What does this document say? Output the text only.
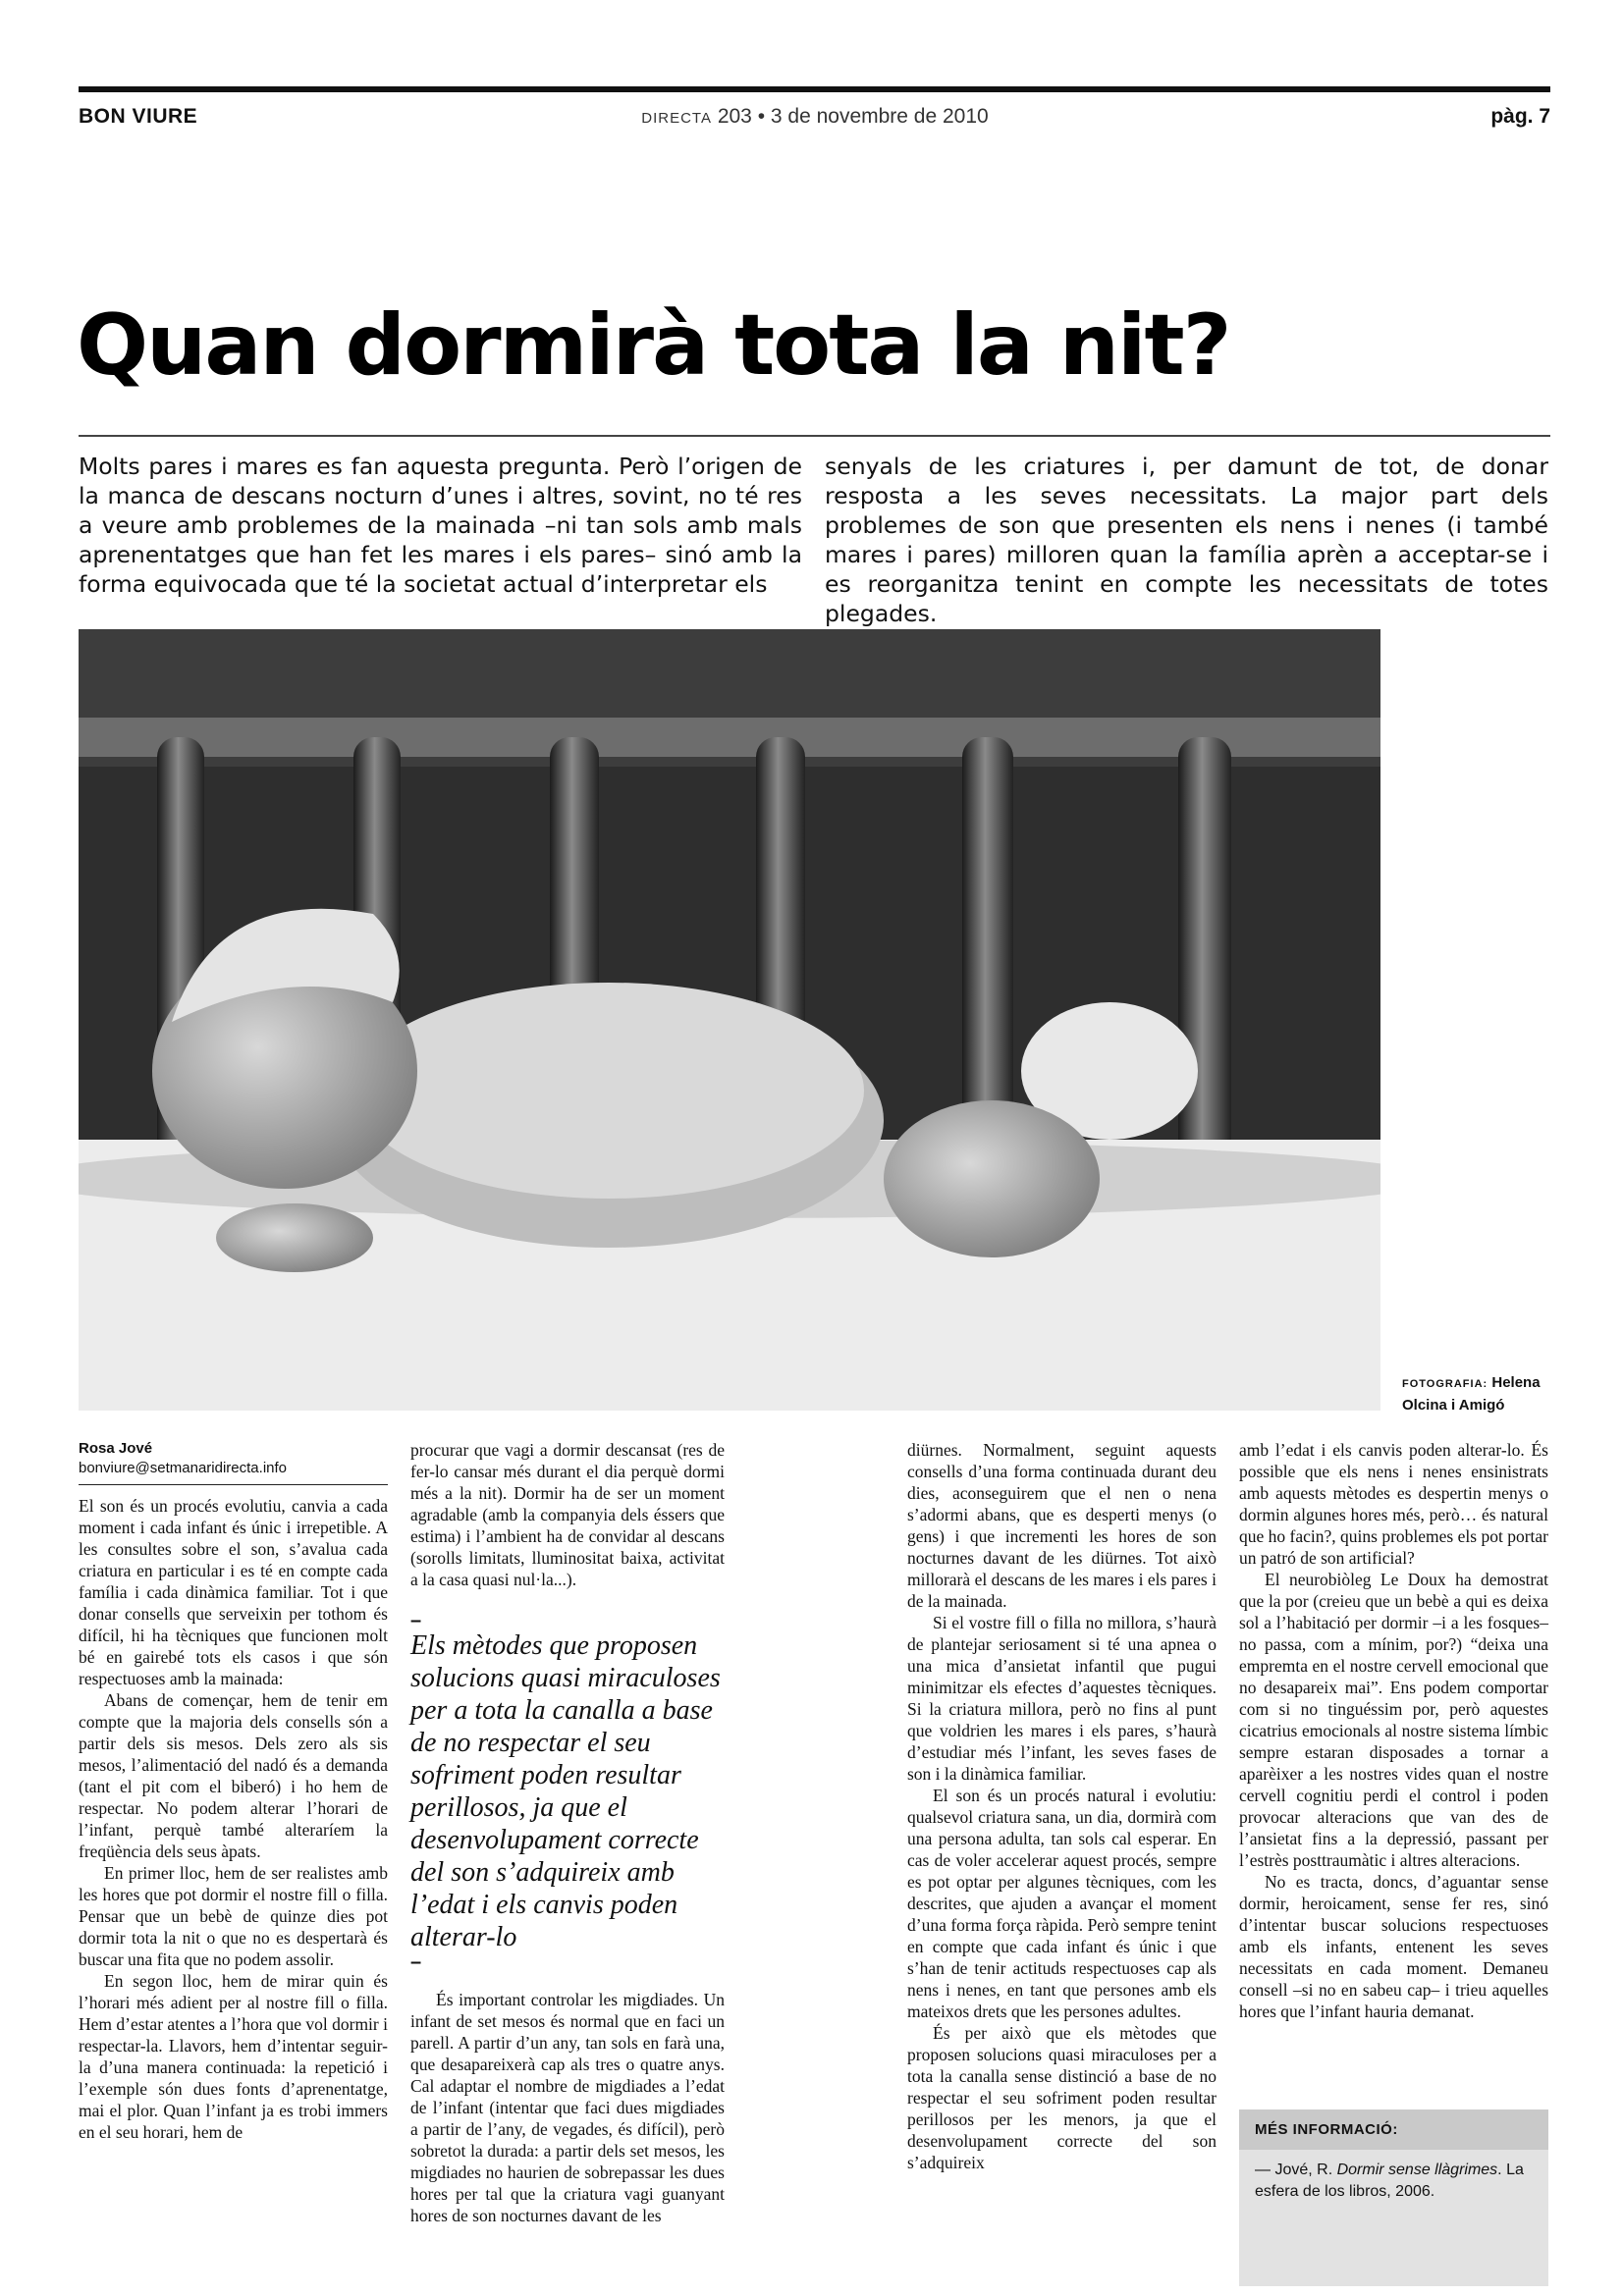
BON VIURE	DIRECTA 203 • 3 de novembre de 2010	pàg. 7
Quan dormirà tota la nit?
Molts pares i mares es fan aquesta pregunta. Però l’origen de la manca de descans nocturn d’unes i altres, sovint, no té res a veure amb problemes de la mainada –ni tan sols amb mals aprenentatges que han fet les mares i els pares– sinó amb la forma equivocada que té la societat actual d’interpretar els
senyals de les criatures i, per damunt de tot, de donar resposta a les seves necessitats. La major part dels problemes de son que presenten els nens i nenes (i també mares i pares) milloren quan la família aprèn a acceptar-se i es reorganitza tenint en compte les necessitats de totes plegades.
FOTOGRAFIA: Helena Olcina i Amigó
Rosa Jové
bonviure@setmanaridirecta.info

El son és un procés evolutiu, canvia a cada moment i cada infant és únic i irrepetible. A les consultes sobre el son, s’avalua cada criatura en particular i es té en compte cada família i cada dinàmica familiar. Tot i que donar consells que serveixin per tothom és difícil, hi ha tècniques que funcionen molt bé en gairebé tots els casos i que són respectuoses amb la mainada:

Abans de començar, hem de tenir em compte que la majoria dels consells són a partir dels sis mesos. Dels zero als sis mesos, l’alimentació del nadó és a demanda (tant el pit com el biberó) i ho hem de respectar. No podem alterar l’horari de l’infant, perquè també alteraríem la freqüència dels seus àpats.

En primer lloc, hem de ser realistes amb les hores que pot dormir el nostre fill o filla. Pensar que un bebè de quinze dies pot dormir tota la nit o que no es despertarà és buscar una fita que no podem assolir.

En segon lloc, hem de mirar quin és l’horari més adient per al nostre fill o filla. Hem d’estar atentes a l’hora que vol dormir i respectar-la. Llavors, hem d’intentar seguir-la d’una manera continuada: la repetició i l’exemple són dues fonts d’aprenentatge, mai el plor. Quan l’infant ja es trobi immers en el seu horari, hem de

procurar que vagi a dormir descansat (res de fer-lo cansar més durant el dia perquè dormi més a la nit). Dormir ha de ser un moment agradable (amb la companyia dels éssers que estima) i l’ambient ha de convidar al descans (sorolls limitats, lluminositat baixa, activitat a la casa quasi nul·la...).

–
Els mètodes que proposen solucions quasi miraculoses per a tota la canalla a base de no respectar el seu sofriment poden resultar perillosos, ja que el desenvolupament correcte del son s’adquireix amb l’edat i els canvis poden alterar-lo
–

És important controlar les migdiades. Un infant de set mesos és normal que en faci un parell. A partir d’un any, tan sols en farà una, que desapareixerà cap als tres o quatre anys. Cal adaptar el nombre de migdiades a l’edat de l’infant (intentar que faci dues migdiades a partir de l’any, de vegades, és difícil), però sobretot la durada: a partir dels set mesos, les migdiades no haurien de sobrepassar les dues hores per tal que la criatura vagi guanyant hores de son nocturnes davant de les

diürnes. Normalment, seguint aquests consells d’una forma continuada durant deu dies, aconseguirem que el nen o nena s’adormi abans, que es desperti menys (o gens) i que incrementi les hores de son nocturnes davant de les diürnes. Tot això millorarà el descans de les mares i els pares i de la mainada.

Si el vostre fill o filla no millora, s’haurà de plantejar seriosament si té una apnea o una mica d’ansietat infantil que pugui minimitzar els efectes d’aquestes tècniques. Si la criatura millora, però no fins al punt que voldrien les mares i els pares, s’haurà d’estudiar més l’infant, les seves fases de son i la dinàmica familiar.

El son és un procés natural i evolutiu: qualsevol criatura sana, un dia, dormirà com una persona adulta, tan sols cal esperar. En cas de voler accelerar aquest procés, sempre es pot optar per algunes tècniques, com les descrites, que ajuden a avançar el moment d’una forma força ràpida. Però sempre tenint en compte que cada infant és únic i que s’han de tenir actituds respectuoses cap als nens i nenes, en tant que persones amb els mateixos drets que les persones adultes.

És per això que els mètodes que proposen solucions quasi miraculoses per a tota la canalla sense distinció a base de no respectar el seu sofriment poden resultar perillosos per les menors, ja que el desenvolupament correcte del son s’adquireix

amb l’edat i els canvis poden alterar-lo. És possible que els nens i nenes ensinistrats amb aquests mètodes es despertin menys o dormin algunes hores més, però… és natural que ho facin?, quins problemes els pot portar un patró de son artificial?

El neurobiòleg Le Doux ha demostrat que la por (creieu que un bebè a qui es deixa sol a l’habitació per dormir –i a les fosques– no passa, com a mínim, por?) “deixa una empremta en el nostre cervell emocional que no desapareix mai”. Ens podem comportar com si no tinguéssim por, però aquestes cicatrius emocionals al nostre sistema límbic sempre estaran disposades a tornar a aparèixer a les nostres vides quan el nostre cervell cognitiu perdi el control i poden provocar alteracions que van des de l’ansietat fins a la depressió, passant per l’estrès posttraumàtic i altres alteracions.

No es tracta, doncs, d’aguantar sense dormir, heroicament, sense fer res, sinó d’intentar buscar solucions respectuoses amb els infants, entenent les seves necessitats en cada moment. Demaneu consell –si no en sabeu cap– i trieu aquelles hores que l’infant hauria demanat.

MÉS INFORMACIÓ:
— Jové, R. Dormir sense llàgrimes. La esfera de los libros, 2006.
